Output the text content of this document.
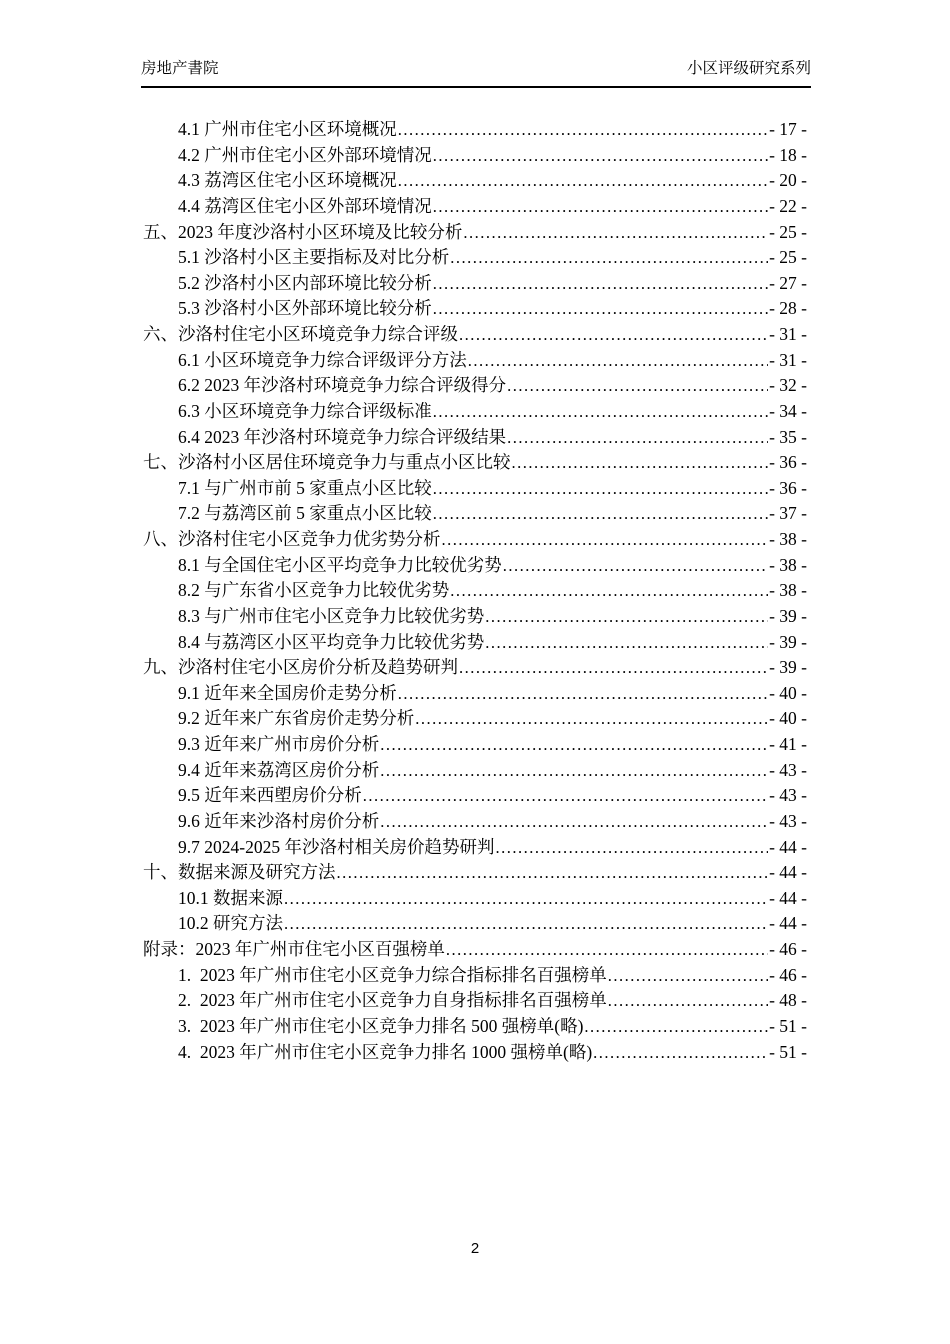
房地产書院	小区评级研究系列
4.1 广州市住宅小区环境概况 .....	- 17 -
4.2 广州市住宅小区外部环境情况 .....	- 18 -
4.3 荔湾区住宅小区环境概况 .....	- 20 -
4.4 荔湾区住宅小区外部环境情况 .....	- 22 -
五、2023 年度沙洛村小区环境及比较分析 .....	- 25 -
5.1 沙洛村小区主要指标及对比分析 .....	- 25 -
5.2 沙洛村小区内部环境比较分析 .....	- 27 -
5.3 沙洛村小区外部环境比较分析 .....	- 28 -
六、沙洛村住宅小区环境竞争力综合评级 .....	- 31 -
6.1 小区环境竞争力综合评级评分方法 .....	- 31 -
6.2 2023 年沙洛村环境竞争力综合评级得分 .....	- 32 -
6.3 小区环境竞争力综合评级标准 .....	- 34 -
6.4 2023 年沙洛村环境竞争力综合评级结果 .....	- 35 -
七、沙洛村小区居住环境竞争力与重点小区比较 .....	- 36 -
7.1 与广州市前 5 家重点小区比较 .....	- 36 -
7.2 与荔湾区前 5 家重点小区比较 .....	- 37 -
八、沙洛村住宅小区竞争力优劣势分析 .....	- 38 -
8.1 与全国住宅小区平均竞争力比较优劣势 .....	- 38 -
8.2 与广东省小区竞争力比较优劣势 .....	- 38 -
8.3 与广州市住宅小区竞争力比较优劣势 .....	- 39 -
8.4 与荔湾区小区平均竞争力比较优劣势 .....	- 39 -
九、沙洛村住宅小区房价分析及趋势研判 .....	- 39 -
9.1 近年来全国房价走势分析 .....	- 40 -
9.2 近年来广东省房价走势分析 .....	- 40 -
9.3 近年来广州市房价分析 .....	- 41 -
9.4 近年来荔湾区房价分析 .....	- 43 -
9.5 近年来西塱房价分析 .....	- 43 -
9.6 近年来沙洛村房价分析 .....	- 43 -
9.7 2024-2025 年沙洛村相关房价趋势研判 .....	- 44 -
十、数据来源及研究方法 .....	- 44 -
10.1 数据来源 .....	- 44 -
10.2 研究方法 .....	- 44 -
附录：2023 年广州市住宅小区百强榜单 .....	- 46 -
1.  2023 年广州市住宅小区竞争力综合指标排名百强榜单 .....	- 46 -
2.  2023 年广州市住宅小区竞争力自身指标排名百强榜单 .....	- 48 -
3.  2023 年广州市住宅小区竞争力排名 500 强榜单(略) .....	- 51 -
4.  2023 年广州市住宅小区竞争力排名 1000 强榜单(略) .....	- 51 -
2
